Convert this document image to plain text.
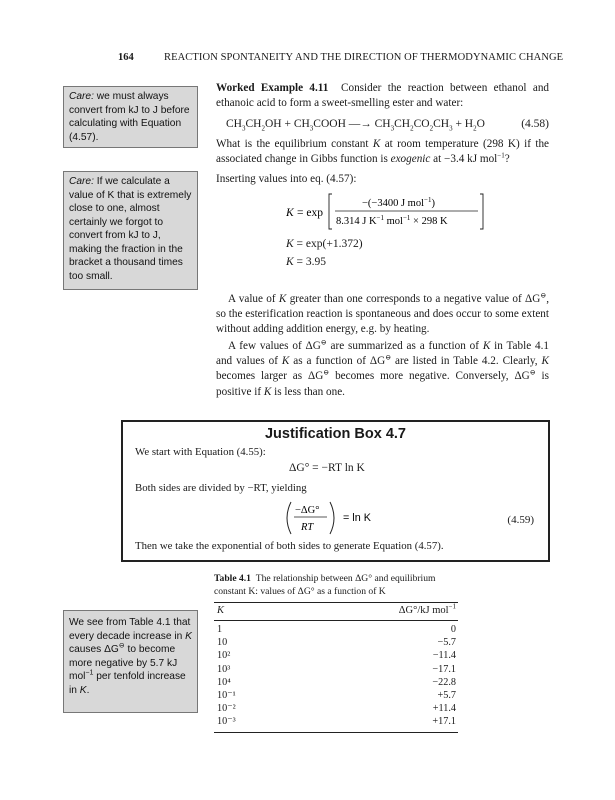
164	REACTION SPONTANEITY AND THE DIRECTION OF THERMODYNAMIC CHANGE
Care: we must always convert from kJ to J before calculating with Equation (4.57).
Care: If we calculate a value of K that is extremely close to one, almost certainly we forgot to convert from kJ to J, making the fraction in the bracket a thousand times too small.
We see from Table 4.1 that every decade increase in K causes ΔG⊖ to become more negative by 5.7 kJ mol$^{-1}$ per tenfold increase in K.
Worked Example 4.11 Consider the reaction between ethanol and ethanoic acid to form a sweet-smelling ester and water:
$CH_3CH_2OH$ + $CH_3COOH$ —→ $CH_3CH_2CO_2CH_3 + H_2O$	(4.58)
What is the equilibrium constant K at room temperature (298 K) if the associated change in Gibbs function is exogenic at −3.4 kJ mol$^{-1}$?
Inserting values into eq. (4.57):
K = exp
−(−3400 J mol$^{-1}$)
8.314 J $K^{-1}$ mol$^{-1}$ × 298 K
K = exp(+1.372)
K = 3.95
A value of K greater than one corresponds to a negative value of ΔG⊖, so the esterification reaction is spontaneous and does occur to some extent without adding addition energy, e.g. by heating.
A few values of ΔG⊖ are summarized as a function of K in Table 4.1 and values of K as a function of ΔG⊖ are listed in Table 4.2. Clearly, K becomes larger as ΔG⊖ becomes more negative. Conversely, ΔG⊖ is positive if K is less than one.
Justification Box 4.7
We start with Equation (4.55):
ΔG° = −RT ln K
Both sides are divided by −RT, yielding
−ΔG°
RT
= ln K	(4.59)
Then we take the exponential of both sides to generate Equation (4.57).
Table 4.1 The relationship between ΔG° and equilibrium constant K: values of ΔG° as a function of K
K	ΔG°/kJ mol$^{-1}$
1	0
10	−5.7
10²	−11.4
10³	−17.1
10⁴	−22.8
10⁻¹	+5.7
10⁻²	+11.4
10⁻³	+17.1
